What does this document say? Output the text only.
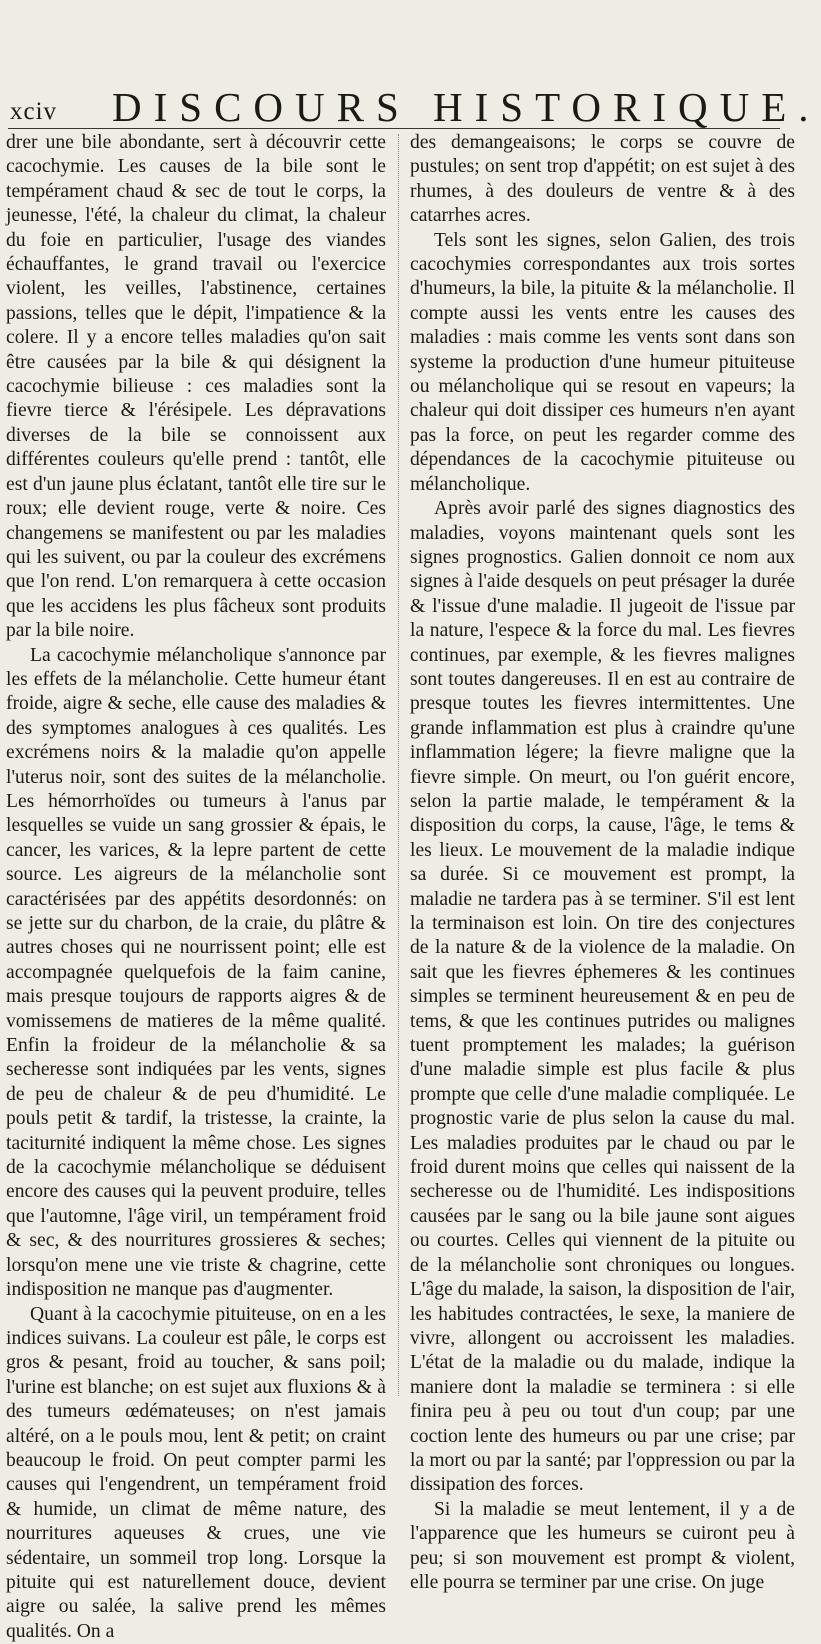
xciv DISCOURS HISTORIQUE.

drer une bile abondante, sert à découvrir cette cacochymie. Les causes de la bile sont le tempérament chaud & sec de tout le corps, la jeunesse, l'été, la chaleur du climat, la chaleur du foie en particulier, l'usage des viandes échauffantes, le grand travail ou l'exercice violent, les veilles, l'abstinence, certaines passions, telles que le dépit, l'impatience & la colere. Il y a encore telles maladies qu'on sait être causées par la bile & qui désignent la cacochymie bilieuse : ces maladies sont la fievre tierce & l'érésipele. Les dépravations diverses de la bile se connoissent aux différentes couleurs qu'elle prend : tantôt, elle est d'un jaune plus éclatant, tantôt elle tire sur le roux; elle devient rouge, verte & noire. Ces changemens se manifestent ou par les maladies qui les suivent, ou par la couleur des excrémens que l'on rend. L'on remarquera à cette occasion que les accidens les plus fâcheux sont produits par la bile noire.

La cacochymie mélancholique s'annonce par les effets de la mélancholie. Cette humeur étant froide, aigre & seche, elle cause des maladies & des symptomes analogues à ces qualités. Les excrémens noirs & la maladie qu'on appelle l'uterus noir, sont des suites de la mélancholie. Les hémorrhoïdes ou tumeurs à l'anus par lesquelles se vuide un sang grossier & épais, le cancer, les varices, & la lepre partent de cette source. Les aigreurs de la mélancholie sont caractérisées par des appétits desordonnés: on se jette sur du charbon, de la craie, du plâtre & autres choses qui ne nourrissent point; elle est accompagnée quelquefois de la faim canine, mais presque toujours de rapports aigres & de vomissemens de matieres de la même qualité. Enfin la froideur de la mélancholie & sa secheresse sont indiquées par les vents, signes de peu de chaleur & de peu d'humidité. Le pouls petit & tardif, la tristesse, la crainte, la taciturnité indiquent la même chose. Les signes de la cacochymie mélancholique se déduisent encore des causes qui la peuvent produire, telles que l'automne, l'âge viril, un tempérament froid & sec, & des nourritures grossieres & seches; lorsqu'on mene une vie triste & chagrine, cette indisposition ne manque pas d'augmenter.

Quant à la cacochymie pituiteuse, on en a les indices suivans. La couleur est pâle, le corps est gros & pesant, froid au toucher, & sans poil; l'urine est blanche; on est sujet aux fluxions & à des tumeurs œdémateuses; on n'est jamais altéré, on a le pouls mou, lent & petit; on craint beaucoup le froid. On peut compter parmi les causes qui l'engendrent, un tempérament froid & humide, un climat de même nature, des nourritures aqueuses & crues, une vie sédentaire, un sommeil trop long. Lorsque la pituite qui est naturellement douce, devient aigre ou salée, la salive prend les mêmes qualités. On a

des demangeaisons; le corps se couvre de pustules; on sent trop d'appétit; on est sujet à des rhumes, à des douleurs de ventre & à des catarrhes acres.

Tels sont les signes, selon Galien, des trois cacochymies correspondantes aux trois sortes d'humeurs, la bile, la pituite & la mélancholie. Il compte aussi les vents entre les causes des maladies : mais comme les vents sont dans son systeme la production d'une humeur pituiteuse ou mélancholique qui se resout en vapeurs; la chaleur qui doit dissiper ces humeurs n'en ayant pas la force, on peut les regarder comme des dépendances de la cacochymie pituiteuse ou mélancholique.

Après avoir parlé des signes diagnostics des maladies, voyons maintenant quels sont les signes prognostics. Galien donnoit ce nom aux signes à l'aide desquels on peut présager la durée & l'issue d'une maladie. Il jugeoit de l'issue par la nature, l'espece & la force du mal. Les fievres continues, par exemple, & les fievres malignes sont toutes dangereuses. Il en est au contraire de presque toutes les fievres intermittentes. Une grande inflammation est plus à craindre qu'une inflammation légere; la fievre maligne que la fievre simple. On meurt, ou l'on guérit encore, selon la partie malade, le tempérament & la disposition du corps, la cause, l'âge, le tems & les lieux. Le mouvement de la maladie indique sa durée. Si ce mouvement est prompt, la maladie ne tardera pas à se terminer. S'il est lent la terminaison est loin. On tire des conjectures de la nature & de la violence de la maladie. On sait que les fievres éphemeres & les continues simples se terminent heureusement & en peu de tems, & que les continues putrides ou malignes tuent promptement les malades; la guérison d'une maladie simple est plus facile & plus prompte que celle d'une maladie compliquée. Le prognostic varie de plus selon la cause du mal. Les maladies produites par le chaud ou par le froid durent moins que celles qui naissent de la secheresse ou de l'humidité. Les indispositions causées par le sang ou la bile jaune sont aigues ou courtes. Celles qui viennent de la pituite ou de la mélancholie sont chroniques ou longues. L'âge du malade, la saison, la disposition de l'air, les habitudes contractées, le sexe, la maniere de vivre, allongent ou accroissent les maladies. L'état de la maladie ou du malade, indique la maniere dont la maladie se terminera : si elle finira peu à peu ou tout d'un coup; par une coction lente des humeurs ou par une crise; par la mort ou par la santé; par l'oppression ou par la dissipation des forces.

Si la maladie se meut lentement, il y a de l'apparence que les humeurs se cuiront peu à peu; si son mouvement est prompt & violent, elle pourra se terminer par une crise. On juge
